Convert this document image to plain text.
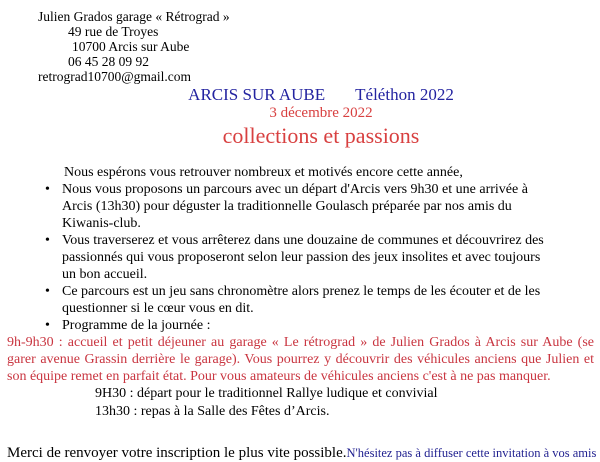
Julien Grados garage « Rétrograd »
49 rue de Troyes
10700 Arcis sur Aube
06 45 28 09 92
retrograd10700@gmail.com
ARCIS SUR AUBE Téléthon 2022
3 décembre 2022
collections et passions
Nous espérons vous retrouver nombreux et motivés encore cette année,
• Nous vous proposons un parcours avec un départ d'Arcis vers 9h30 et une arrivée à Arcis (13h30) pour déguster la traditionnelle Goulasch préparée par nos amis du Kiwanis-club.
• Vous traverserez et vous arrêterez dans une douzaine de communes et découvrirez des passionnés qui vous proposeront selon leur passion des jeux insolites et avec toujours un bon accueil.
• Ce parcours est un jeu sans chronomètre alors prenez le temps de les écouter et de les questionner si le cœur vous en dit.
• Programme de la journée :
9h-9h30 : accueil et petit déjeuner au garage « Le rétrograd » de Julien Grados à Arcis sur Aube (se garer avenue Grassin derrière le garage). Vous pourrez y découvrir des véhicules anciens que Julien et son équipe remet en parfait état. Pour vous amateurs de véhicules anciens c'est à ne pas manquer.
9H30 : départ pour le traditionnel Rallye ludique et convivial
13h30 : repas à la Salle des Fêtes d’Arcis.
Merci de renvoyer votre inscription le plus vite possible.N'hésitez pas à diffuser cette invitation à vos amis
